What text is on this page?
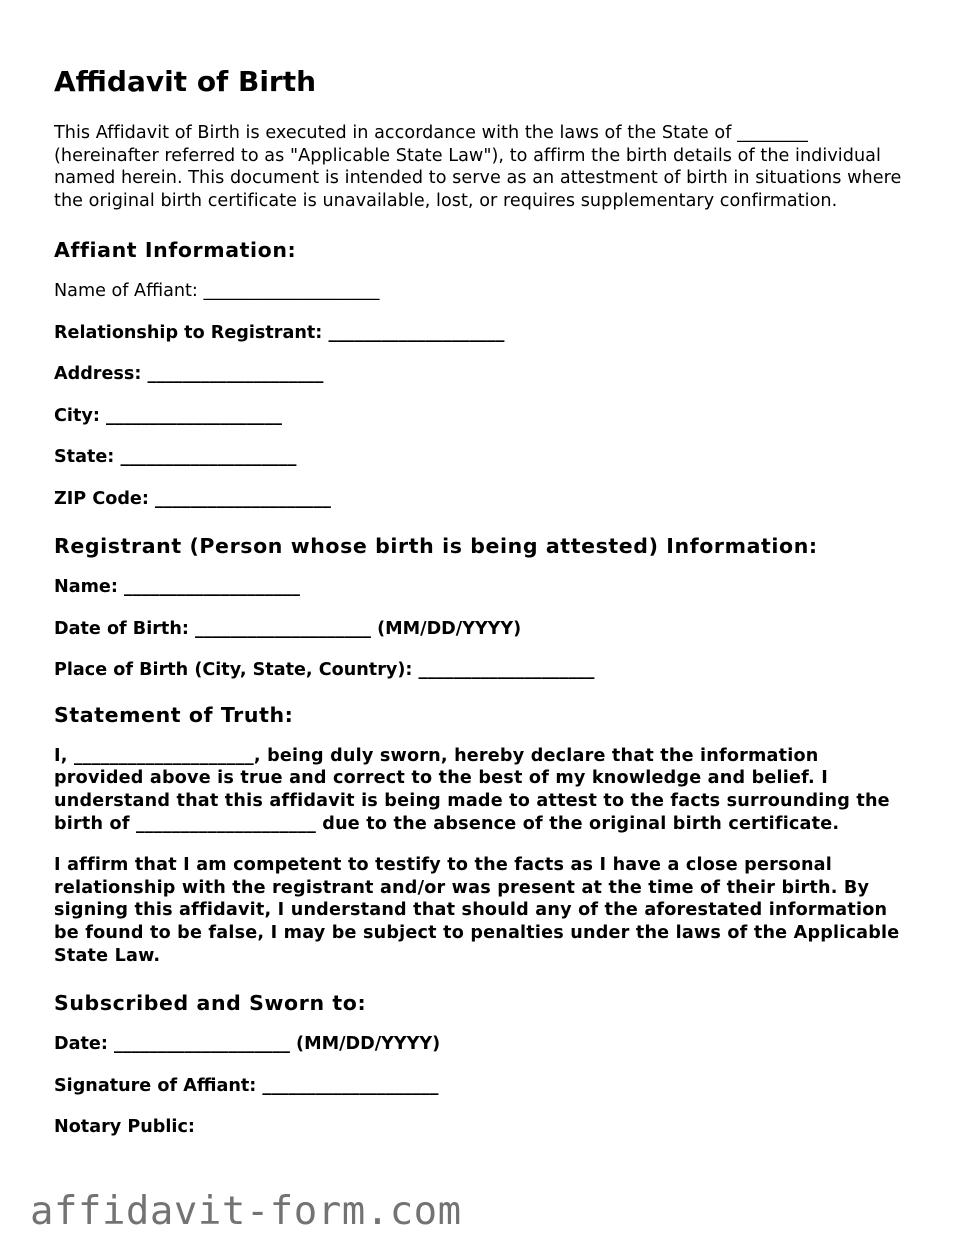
Affidavit of Birth

This Affidavit of Birth is executed in accordance with the laws of the State of ________ (hereinafter referred to as "Applicable State Law"), to affirm the birth details of the individual named herein. This document is intended to serve as an attestment of birth in situations where the original birth certificate is unavailable, lost, or requires supplementary confirmation.

Affiant Information:
Name of Affiant: ____________________
Relationship to Registrant: ____________________
Address: ____________________
City: ____________________
State: ____________________
ZIP Code: ____________________
Registrant (Person whose birth is being attested) Information:
Name: ____________________
Date of Birth: ____________________ (MM/DD/YYYY)
Place of Birth (City, State, Country): ____________________
Statement of Truth:

I, ____________________, being duly sworn, hereby declare that the information provided above is true and correct to the best of my knowledge and belief. I understand that this affidavit is being made to attest to the facts surrounding the birth of ____________________ due to the absence of the original birth certificate.

I affirm that I am competent to testify to the facts as I have a close personal relationship with the registrant and/or was present at the time of their birth. By signing this affidavit, I understand that should any of the aforestated information be found to be false, I may be subject to penalties under the laws of the Applicable State Law.

Subscribed and Sworn to:
Date: ____________________ (MM/DD/YYYY)
Signature of Affiant: ____________________
Notary Public:
affidavit-form.com
